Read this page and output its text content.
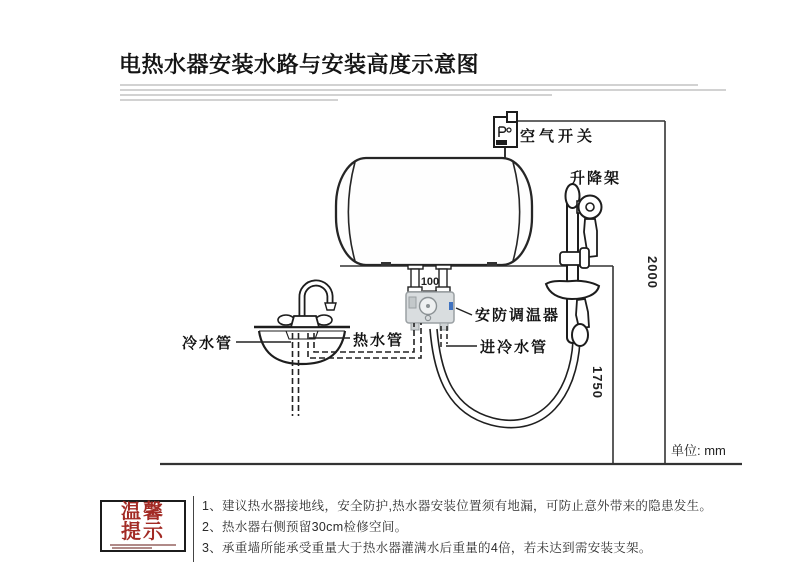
电热水器安装水路与安装高度示意图
2000
1750
单位: mm
空气开关
100
安防调温器
进冷水管
冷水管	热水管
升降架
温馨
提示
1、建议热水器接地线，安全防护,热水器安装位置须有地漏，可防止意外带来的隐患发生。
2、热水器右侧预留30cm检修空间。
3、承重墙所能承受重量大于热水器灌满水后重量的4倍，若未达到需安装支架。
